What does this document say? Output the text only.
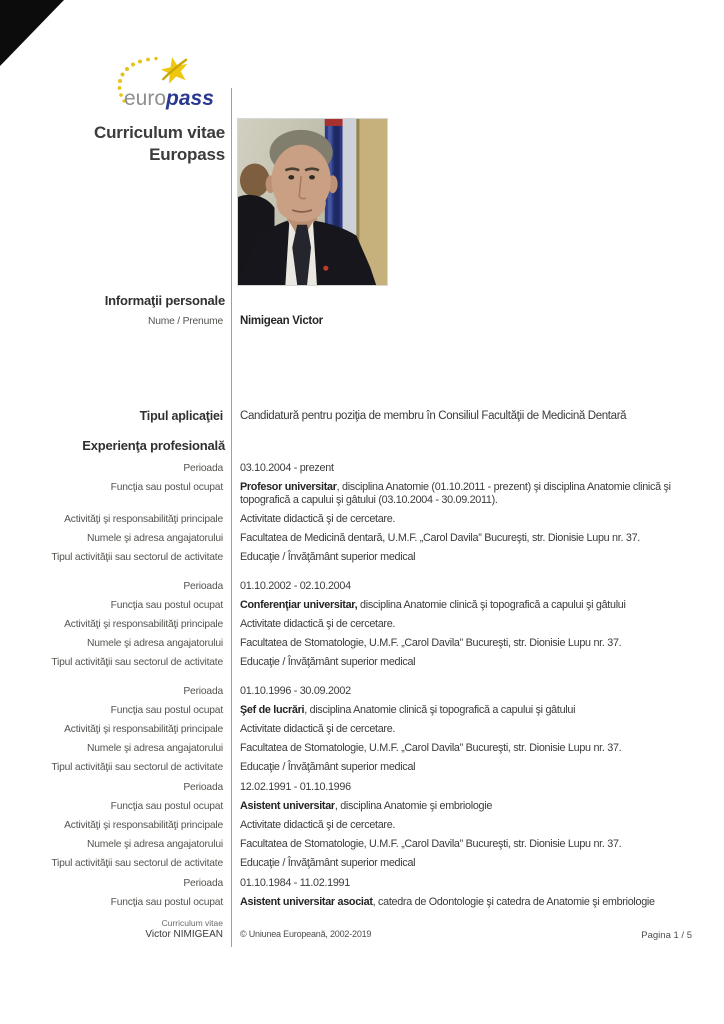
europass
Curriculum vitae
Europass
Informaţii personale
Nume / Prenume	Nimigean Victor
Tipul aplicaţiei	Candidatură pentru poziţia de membru în Consiliul Facultăţii de Medicină Dentară
Experienţa profesională
Perioada	03.10.2004 - prezent
Funcţia sau postul ocupat	Profesor universitar, disciplina Anatomie (01.10.2011 - prezent) şi disciplina Anatomie clinică şi topografică a capului şi gâtului (03.10.2004 - 30.09.2011).
Activităţi şi responsabilităţi principale	Activitate didactică şi de cercetare.
Numele şi adresa angajatorului	Facultatea de Medicină dentară, U.M.F. „Carol Davila” Bucureşti, str. Dionisie Lupu nr. 37.
Tipul activităţii sau sectorul de activitate	Educaţie / Învăţământ superior medical
Perioada	01.10.2002 - 02.10.2004
Funcţia sau postul ocupat	Conferenţiar universitar, disciplina Anatomie clinică şi topografică a capului şi gâtului
Activităţi şi responsabilităţi principale	Activitate didactică şi de cercetare.
Numele şi adresa angajatorului	Facultatea de Stomatologie, U.M.F. „Carol Davila” Bucureşti, str. Dionisie Lupu nr. 37.
Tipul activităţii sau sectorul de activitate	Educaţie / Învăţământ superior medical
Perioada	01.10.1996 - 30.09.2002
Funcţia sau postul ocupat	Şef de lucrări, disciplina Anatomie clinică şi topografică a capului şi gâtului
Activităţi şi responsabilităţi principale	Activitate didactică şi de cercetare.
Numele şi adresa angajatorului	Facultatea de Stomatologie, U.M.F. „Carol Davila” Bucureşti, str. Dionisie Lupu nr. 37.
Tipul activităţii sau sectorul de activitate	Educaţie / Învăţământ superior medical
Perioada	12.02.1991 - 01.10.1996
Funcţia sau postul ocupat	Asistent universitar, disciplina Anatomie şi embriologie
Activităţi şi responsabilităţi principale	Activitate didactică şi de cercetare.
Numele şi adresa angajatorului	Facultatea de Stomatologie, U.M.F. „Carol Davila” Bucureşti, str. Dionisie Lupu nr. 37.
Tipul activităţii sau sectorul de activitate	Educaţie / Învăţământ superior medical
Perioada	01.10.1984 - 11.02.1991
Funcţia sau postul ocupat	Asistent universitar asociat, catedra de Odontologie şi catedra de Anatomie şi embriologie
Curriculum vitae
Victor NIMIGEAN	© Uniunea Europeană, 2002-2019	Pagina 1 / 5
